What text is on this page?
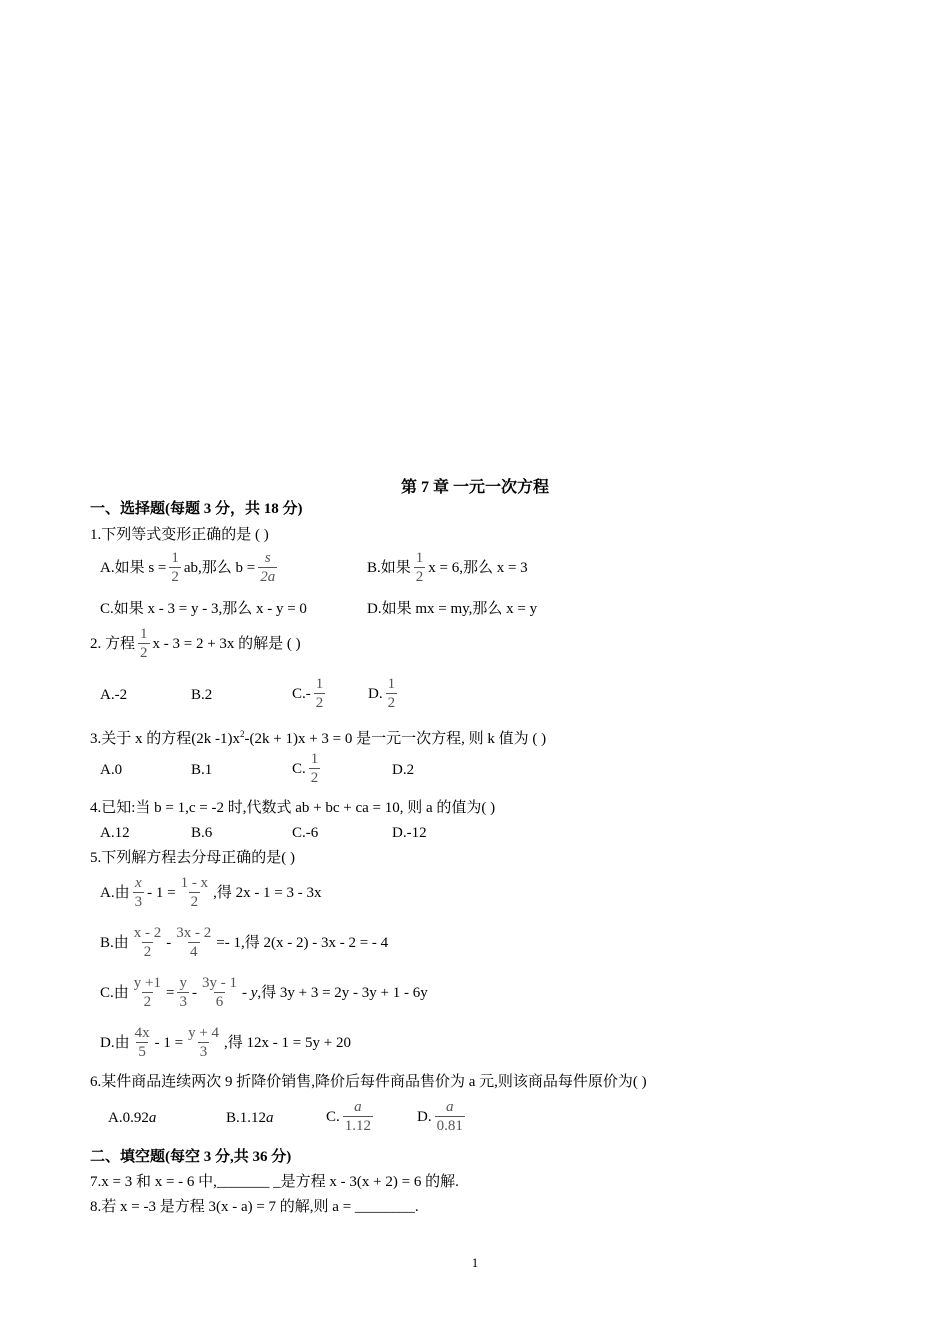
第 7 章 一元一次方程
一、选择题(每题 3 分，共 18 分)
1.下列等式变形正确的是 ( )
A.如果 $s = \frac{1}{2}$ ab,那么 $b = \frac{s}{2a}$	B.如果 $\frac{1}{2}$ x = 6,那么 x = 3
C.如果 x - 3 = y - 3,那么 x - y = 0	D.如果 mx = my,那么 x = y
2. 方程 $\frac{1}{2}$ x - 3 = 2 + 3x 的解是 ( )
A.-2	B.2	$C.- \frac{1}{2}$	D. $\frac{1}{2}$
3.关于 x 的方程(2k $-1)x^2-(2k + 1)x + 3 = 0$ 是一元一次方程, 则 k 值为 ( )
A.0	B.1	C. $\frac{1}{2}$	D.2
4.已知:当 b = 1,c = -2 时,代数式 ab + bc + ca = 10, 则 a 的值为( )
A.12	B.6	C.-6	D.-12
5.下列解方程去分母正确的是( )
A.由 $\frac{x}{3} - 1 = \frac{1 - x}{2}$ ,得 2x - 1 = 3 - 3x
B.由 $\frac{x - 2}{2} - \frac{3x - 2}{4} =- 1$,得 2(x - 2) - 3x - 2 = - 4
C.由 $\frac{y +1}{2} = \frac{y}{3} - \frac{3y - 1}{6} - y$ ,得 3y + 3 = 2y - 3y + 1 - 6y
D.由 $\frac{4x}{5} - 1 = \frac{y + 4}{3}$ ,得 12x - 1 = 5y + 20
6.某件商品连续两次 9 折降价销售,降价后每件商品售价为 a 元,则该商品每件原价为( )
A.0.92a	B.1.12a	C. $\frac{a}{1.12}$	D. $\frac{a}{0.81}$
二、填空题(每空 3 分,共 36 分)
7.x = 3 和 x = - 6 中,_______ _是方程 x - 3(x + 2) = 6 的解.
8.若 x = -3 是方程 3(x - a) = 7 的解,则 a = ________.
1
